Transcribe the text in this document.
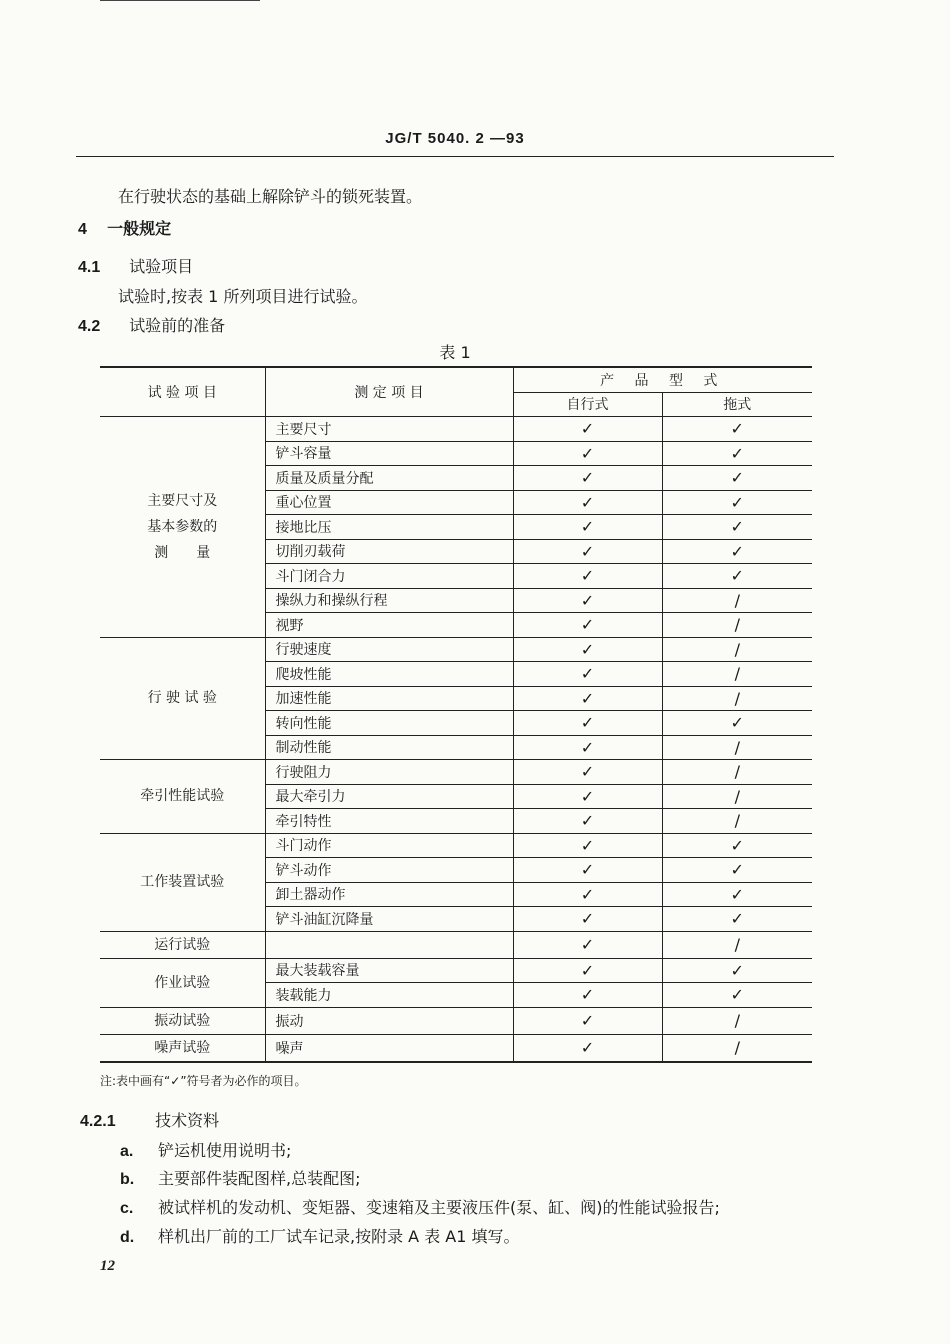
JG/T 5040. 2 —93
在行驶状态的基础上解除铲斗的锁死装置。
4 一般规定
4.1 试验项目
试验时,按表 1 所列项目进行试验。
4.2 试验前的准备
表 1
试 验 项 目	测 定 项 目	产 品 型 式	
		自行式	拖式

主要尺寸及
基本参数的
测　　量	主要尺寸	✓	✓
	铲斗容量	✓	✓
	质量及质量分配	✓	✓
	重心位置	✓	✓
	接地比压	✓	✓
	切削刃载荷	✓	✓
	斗门闭合力	✓	✓
	操纵力和操纵行程	✓	/
	视野	✓	/
行 驶 试 验	行驶速度	✓	/
	爬坡性能	✓	/
	加速性能	✓	/
	转向性能	✓	✓
	制动性能	✓	/
牵引性能试验	行驶阻力	✓	/
	最大牵引力	✓	/
	牵引特性	✓	/
工作装置试验	斗门动作	✓	✓
	铲斗动作	✓	✓
	卸土器动作	✓	✓
	铲斗油缸沉降量	✓	✓
运行试验		✓	/
作业试验	最大装载容量	✓	✓
	装载能力	✓	✓
振动试验	振动	✓	/
噪声试验	噪声	✓	/
注:表中画有“✓”符号者为必作的项目。
4.2.1 技术资料
a. 铲运机使用说明书;
b. 主要部件装配图样,总装配图;
c. 被试样机的发动机、变矩器、变速箱及主要液压件(泵、缸、阀)的性能试验报告;
d. 样机出厂前的工厂试车记录,按附录 A 表 A1 填写。
12
